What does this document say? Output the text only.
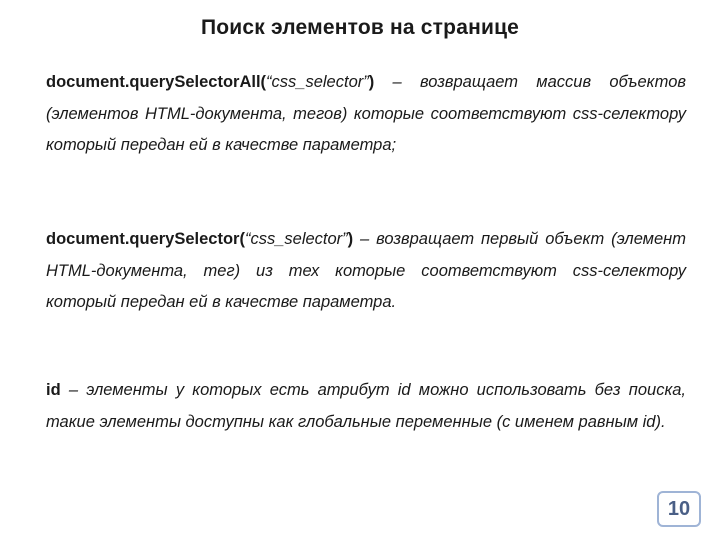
Поиск элементов на странице
document.querySelectorAll(“css_selector”) – возвращает массив объектов (элементов HTML-документа, тегов) которые соответствуют css-селектору который передан ей в качестве параметра;
document.querySelector(“css_selector”) – возвращает первый объект (элемент HTML-документа, тег) из тех которые соответствуют css-селектору который передан ей в качестве параметра.
id – элементы у которых есть атрибут id можно использовать без поиска, такие элементы доступны как глобальные переменные (с именем равным id).
10
